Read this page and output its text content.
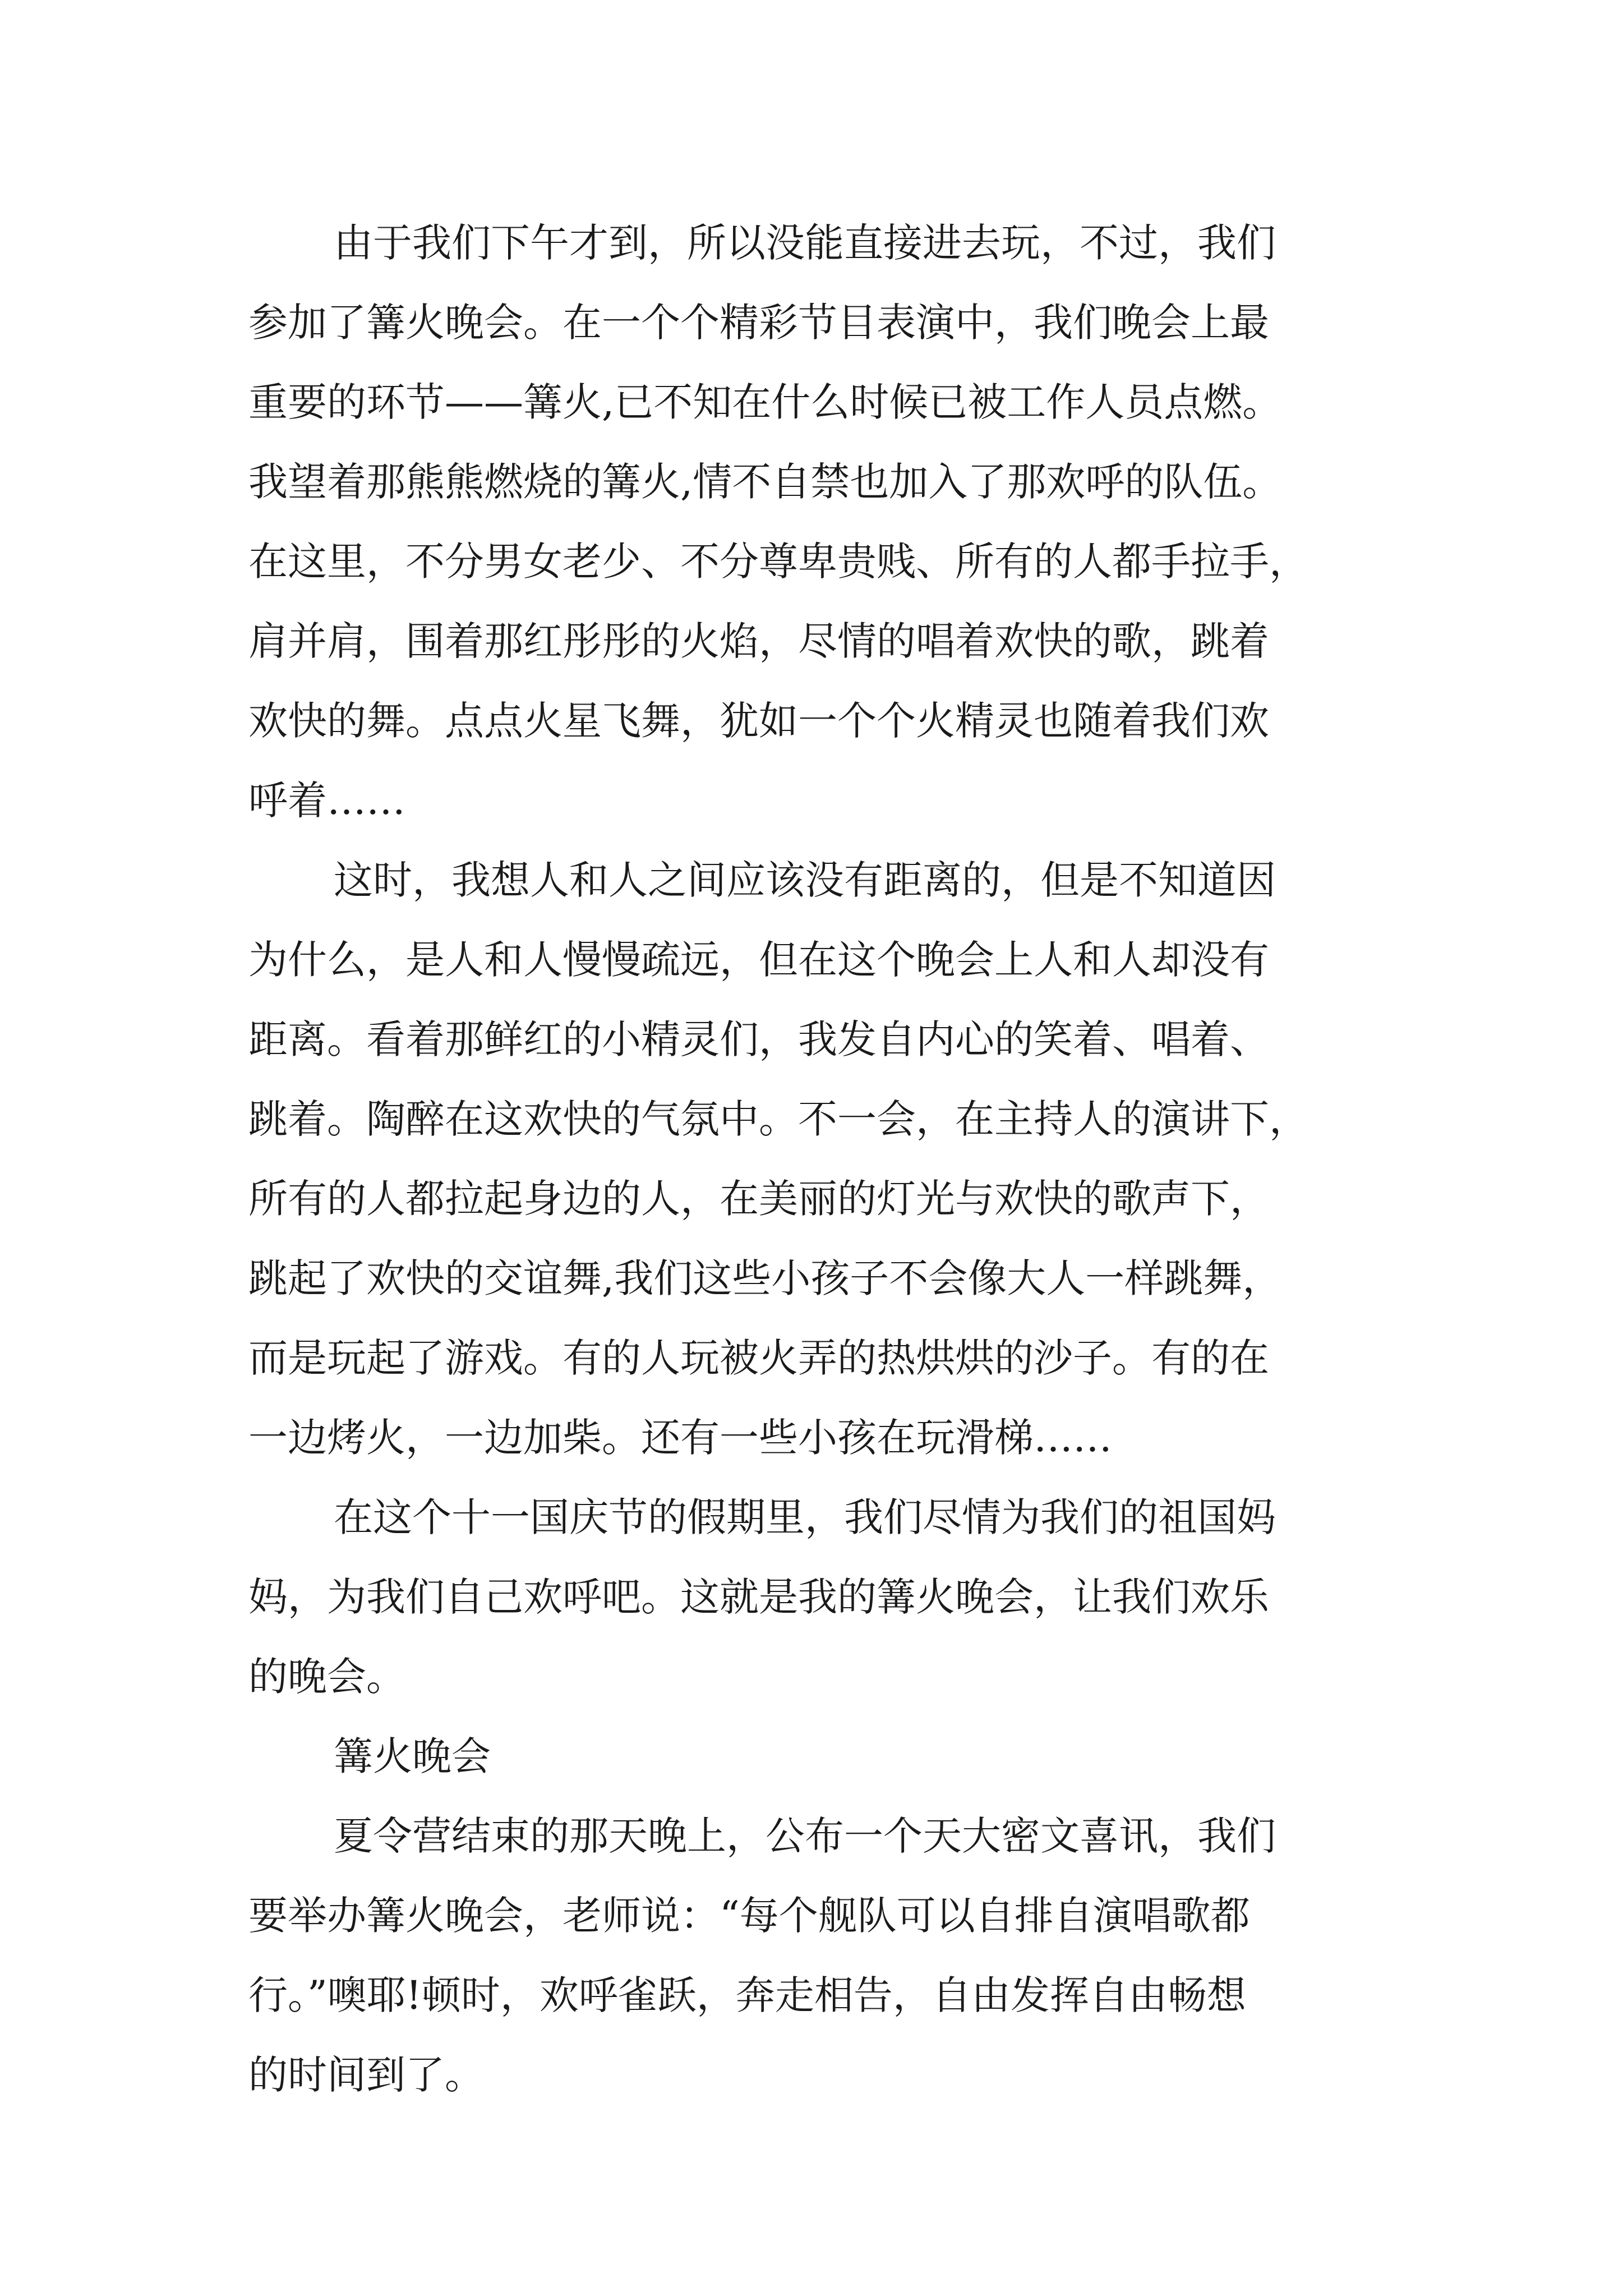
由于我们下午才到，所以没能直接进去玩，不过，我们

参加了篝火晚会。在一个个精彩节目表演中，我们晚会上最

重要的环节——篝火,已不知在什么时候已被工作人员点燃。

我望着那熊熊燃烧的篝火,情不自禁也加入了那欢呼的队伍。

在这里，不分男女老少、不分尊卑贵贱、所有的人都手拉手，

肩并肩，围着那红彤彤的火焰，尽情的唱着欢快的歌，跳着

欢快的舞。点点火星飞舞，犹如一个个火精灵也随着我们欢

呼着……

这时，我想人和人之间应该没有距离的，但是不知道因

为什么，是人和人慢慢疏远，但在这个晚会上人和人却没有

距离。看着那鲜红的小精灵们，我发自内心的笑着、唱着、

跳着。陶醉在这欢快的气氛中。不一会，在主持人的演讲下，

所有的人都拉起身边的人，在美丽的灯光与欢快的歌声下，

跳起了欢快的交谊舞,我们这些小孩子不会像大人一样跳舞，

而是玩起了游戏。有的人玩被火弄的热烘烘的沙子。有的在

一边烤火，一边加柴。还有一些小孩在玩滑梯……

在这个十一国庆节的假期里，我们尽情为我们的祖国妈

妈，为我们自己欢呼吧。这就是我的篝火晚会，让我们欢乐

的晚会。

篝火晚会

夏令营结束的那天晚上，公布一个天大密文喜讯，我们

要举办篝火晚会，老师说：“每个舰队可以自排自演唱歌都

行。”噢耶!顿时，欢呼雀跃，奔走相告，自由发挥自由畅想

的时间到了。
